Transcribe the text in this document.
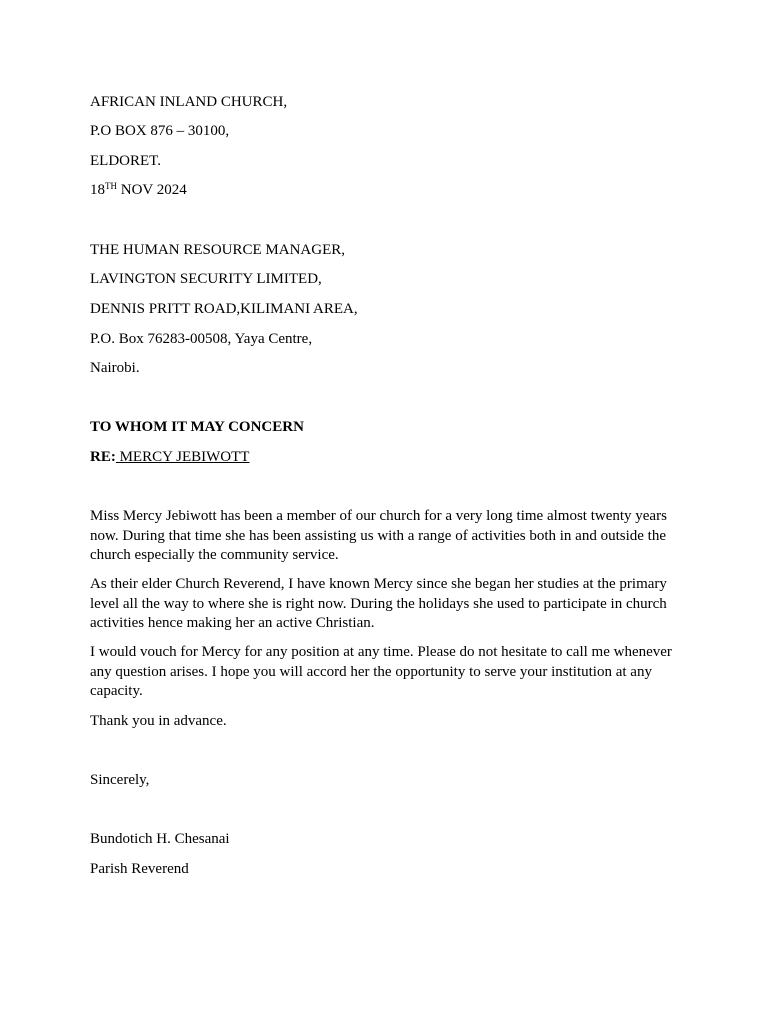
AFRICAN INLAND CHURCH,
P.O BOX 876 – 30100,
ELDORET.
18TH NOV 2024
THE HUMAN RESOURCE MANAGER,
LAVINGTON SECURITY LIMITED,
DENNIS PRITT ROAD,KILIMANI AREA,
P.O. Box 76283-00508, Yaya Centre,
Nairobi.
TO WHOM IT MAY CONCERN
RE: MERCY JEBIWOTT
Miss Mercy Jebiwott has been a member of our church for a very long time almost twenty years now. During that time she has been assisting us with a range of activities both in and outside the church especially the community service.
As their elder Church Reverend, I have known Mercy since she began her studies at the primary level all the way to where she is right now. During the holidays she used to participate in church activities hence making her an active Christian.
I would vouch for Mercy for any position at any time. Please do not hesitate to call me whenever any question arises. I hope you will accord her the opportunity to serve your institution at any capacity.
Thank you in advance.
Sincerely,
Bundotich H. Chesanai
Parish Reverend
